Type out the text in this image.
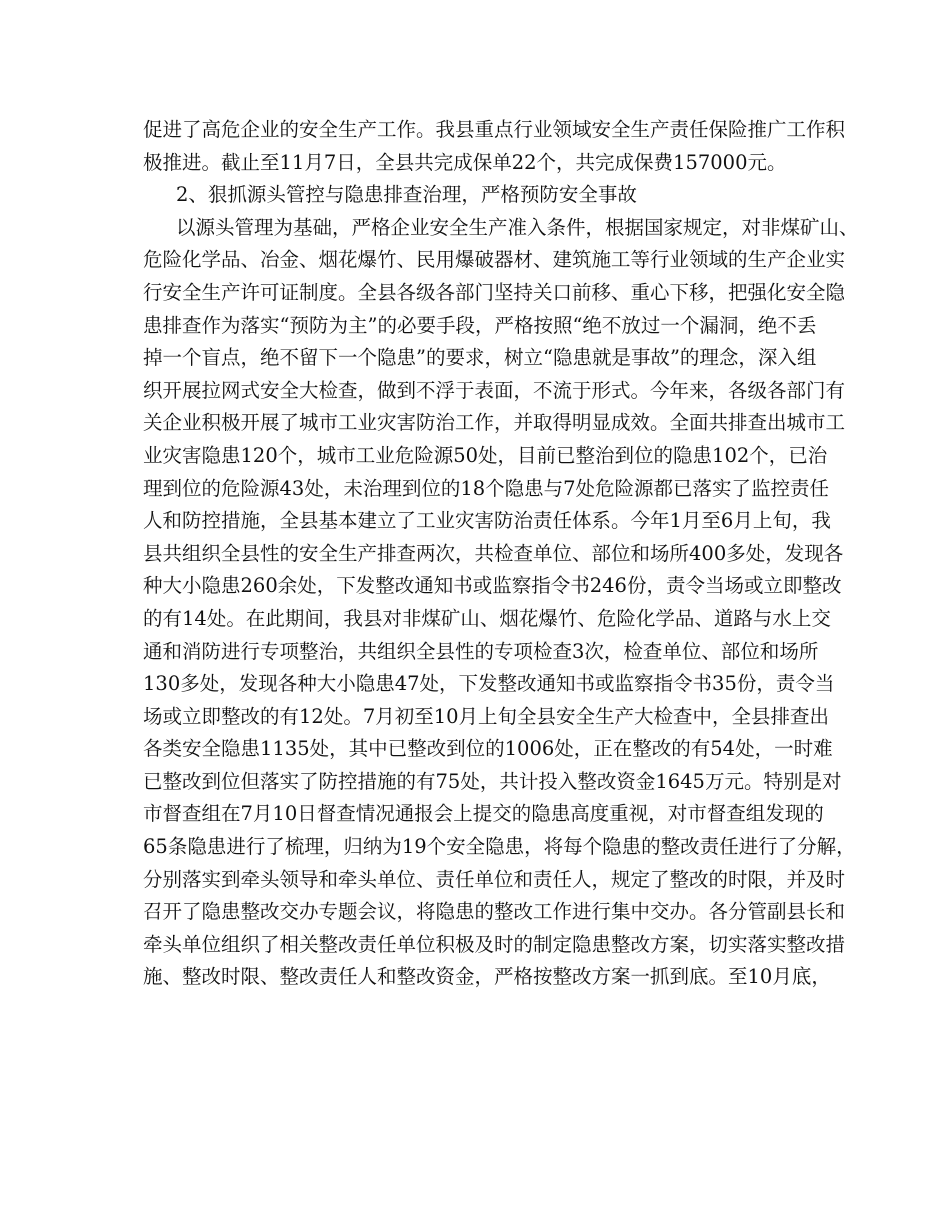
促进了高危企业的安全生产工作。我县重点行业领域安全生产责任保险推广工作积
极推进。截止至11月7日，全县共完成保单22个，共完成保费157000元。
2、狠抓源头管控与隐患排查治理，严格预防安全事故
以源头管理为基础，严格企业安全生产准入条件，根据国家规定，对非煤矿山、
危险化学品、冶金、烟花爆竹、民用爆破器材、建筑施工等行业领域的生产企业实
行安全生产许可证制度。全县各级各部门坚持关口前移、重心下移，把强化安全隐
患排查作为落实“预防为主”的必要手段，严格按照“绝不放过一个漏洞，绝不丢
掉一个盲点，绝不留下一个隐患”的要求，树立“隐患就是事故”的理念，深入组
织开展拉网式安全大检查，做到不浮于表面，不流于形式。今年来，各级各部门有
关企业积极开展了城市工业灾害防治工作，并取得明显成效。全面共排查出城市工
业灾害隐患120个，城市工业危险源50处，目前已整治到位的隐患102个，已治
理到位的危险源43处，未治理到位的18个隐患与7处危险源都已落实了监控责任
人和防控措施，全县基本建立了工业灾害防治责任体系。今年1月至6月上旬，我
县共组织全县性的安全生产排查两次，共检查单位、部位和场所400多处，发现各
种大小隐患260余处，下发整改通知书或监察指令书246份，责令当场或立即整改
的有14处。在此期间，我县对非煤矿山、烟花爆竹、危险化学品、道路与水上交
通和消防进行专项整治，共组织全县性的专项检查3次，检查单位、部位和场所
130多处，发现各种大小隐患47处，下发整改通知书或监察指令书35份，责令当
场或立即整改的有12处。7月初至10月上旬全县安全生产大检查中，全县排查出
各类安全隐患1135处，其中已整改到位的1006处，正在整改的有54处，一时难
已整改到位但落实了防控措施的有75处，共计投入整改资金1645万元。特别是对
市督查组在7月10日督查情况通报会上提交的隐患高度重视，对市督查组发现的
65条隐患进行了梳理，归纳为19个安全隐患，将每个隐患的整改责任进行了分解，
分别落实到牵头领导和牵头单位、责任单位和责任人，规定了整改的时限，并及时
召开了隐患整改交办专题会议，将隐患的整改工作进行集中交办。各分管副县长和
牵头单位组织了相关整改责任单位积极及时的制定隐患整改方案，切实落实整改措
施、整改时限、整改责任人和整改资金，严格按整改方案一抓到底。至10月底，
